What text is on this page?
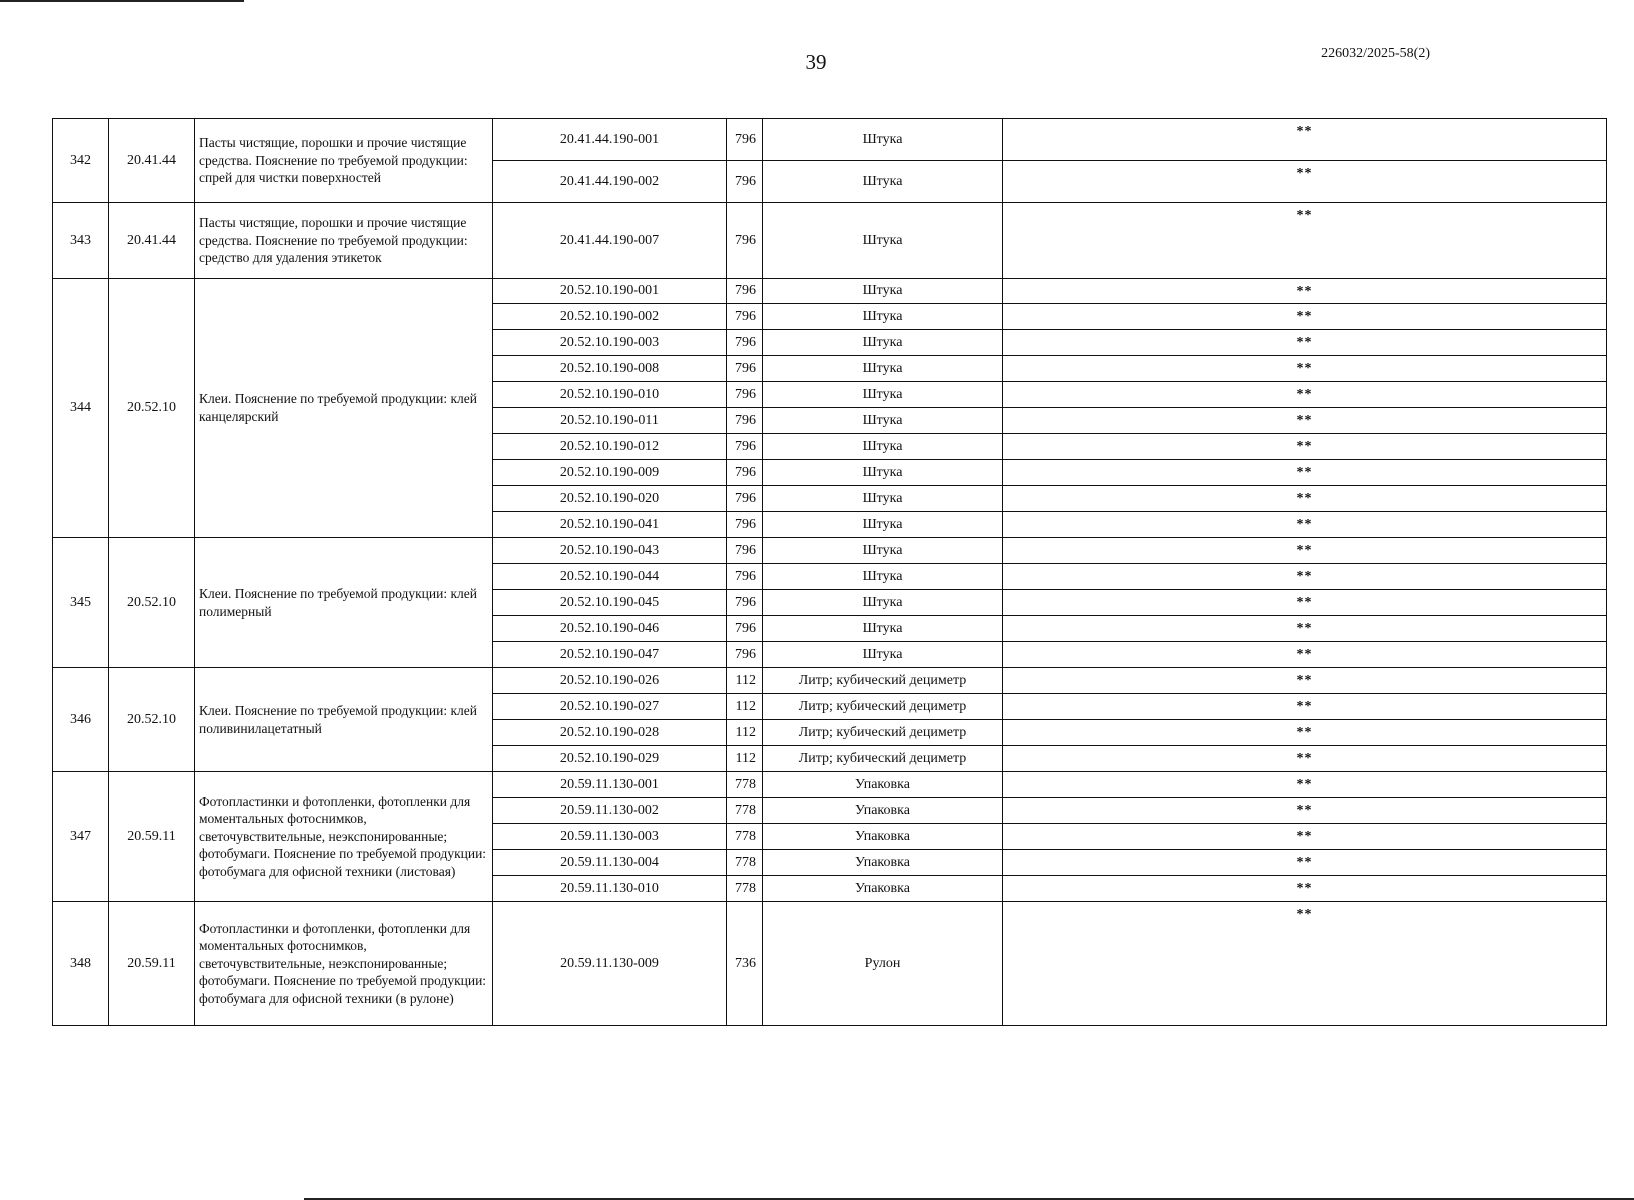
39	226032/2025-58(2)
342	20.41.44	Пасты чистящие, порошки и прочие чистящие средства. Пояснение по требуемой продукции: спрей для чистки поверхностей	20.41.44.190-001	796	Штука	**
			20.41.44.190-002	796	Штука	**
343	20.41.44	Пасты чистящие, порошки и прочие чистящие средства. Пояснение по требуемой продукции: средство для удаления этикеток	20.41.44.190-007	796	Штука	**
344	20.52.10	Клеи. Пояснение по требуемой продукции: клей канцелярский	20.52.10.190-001	796	Штука	**
			20.52.10.190-002	796	Штука	**
			20.52.10.190-003	796	Штука	**
			20.52.10.190-008	796	Штука	**
			20.52.10.190-010	796	Штука	**
			20.52.10.190-011	796	Штука	**
			20.52.10.190-012	796	Штука	**
			20.52.10.190-009	796	Штука	**
			20.52.10.190-020	796	Штука	**
			20.52.10.190-041	796	Штука	**
345	20.52.10	Клеи. Пояснение по требуемой продукции: клей полимерный	20.52.10.190-043	796	Штука	**
			20.52.10.190-044	796	Штука	**
			20.52.10.190-045	796	Штука	**
			20.52.10.190-046	796	Штука	**
			20.52.10.190-047	796	Штука	**
346	20.52.10	Клеи. Пояснение по требуемой продукции: клей поливинилацетатный	20.52.10.190-026	112	Литр; кубический дециметр	**
			20.52.10.190-027	112	Литр; кубический дециметр	**
			20.52.10.190-028	112	Литр; кубический дециметр	**
			20.52.10.190-029	112	Литр; кубический дециметр	**
347	20.59.11	Фотопластинки и фотопленки, фотопленки для моментальных фотоснимков, светочувствительные, неэкспонированные; фотобумаги. Пояснение по требуемой продукции: фотобумага для офисной техники (листовая)	20.59.11.130-001	778	Упаковка	**
			20.59.11.130-002	778	Упаковка	**
			20.59.11.130-003	778	Упаковка	**
			20.59.11.130-004	778	Упаковка	**
			20.59.11.130-010	778	Упаковка	**
348	20.59.11	Фотопластинки и фотопленки, фотопленки для моментальных фотоснимков, светочувствительные, неэкспонированные; фотобумаги. Пояснение по требуемой продукции: фотобумага для офисной техники (в рулоне)	20.59.11.130-009	736	Рулон	**
